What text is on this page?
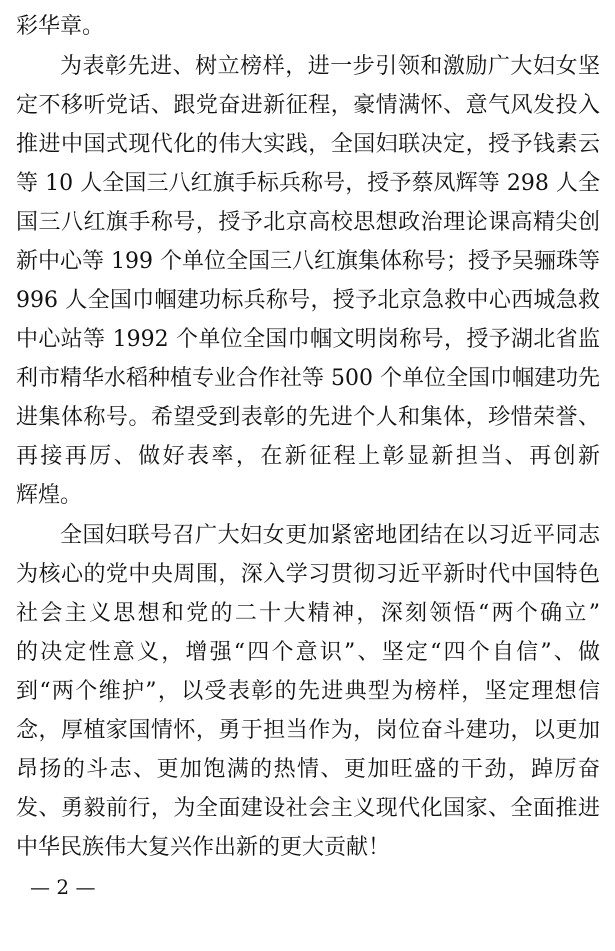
彩华章。
为表彰先进、树立榜样，进一步引领和激励广大妇女坚
定不移听党话、跟党奋进新征程，豪情满怀、意气风发投入
推进中国式现代化的伟大实践，全国妇联决定，授予钱素云
等 10 人全国三八红旗手标兵称号，授予蔡凤辉等 298 人全
国三八红旗手称号，授予北京高校思想政治理论课高精尖创
新中心等 199 个单位全国三八红旗集体称号；授予吴骊珠等
996 人全国巾帼建功标兵称号，授予北京急救中心西城急救
中心站等 1992 个单位全国巾帼文明岗称号，授予湖北省监
利市精华水稻种植专业合作社等 500 个单位全国巾帼建功先
进集体称号。希望受到表彰的先进个人和集体，珍惜荣誉、
再接再厉、做好表率，在新征程上彰显新担当、再创新
辉煌。
全国妇联号召广大妇女更加紧密地团结在以习近平同志
为核心的党中央周围，深入学习贯彻习近平新时代中国特色
社会主义思想和党的二十大精神，深刻领悟“两个确立”
的决定性意义，增强“四个意识”、坚定“四个自信”、做
到“两个维护”，以受表彰的先进典型为榜样，坚定理想信
念，厚植家国情怀，勇于担当作为，岗位奋斗建功，以更加
昂扬的斗志、更加饱满的热情、更加旺盛的干劲，踔厉奋
发、勇毅前行，为全面建设社会主义现代化国家、全面推进
中华民族伟大复兴作出新的更大贡献！
— 2 —
